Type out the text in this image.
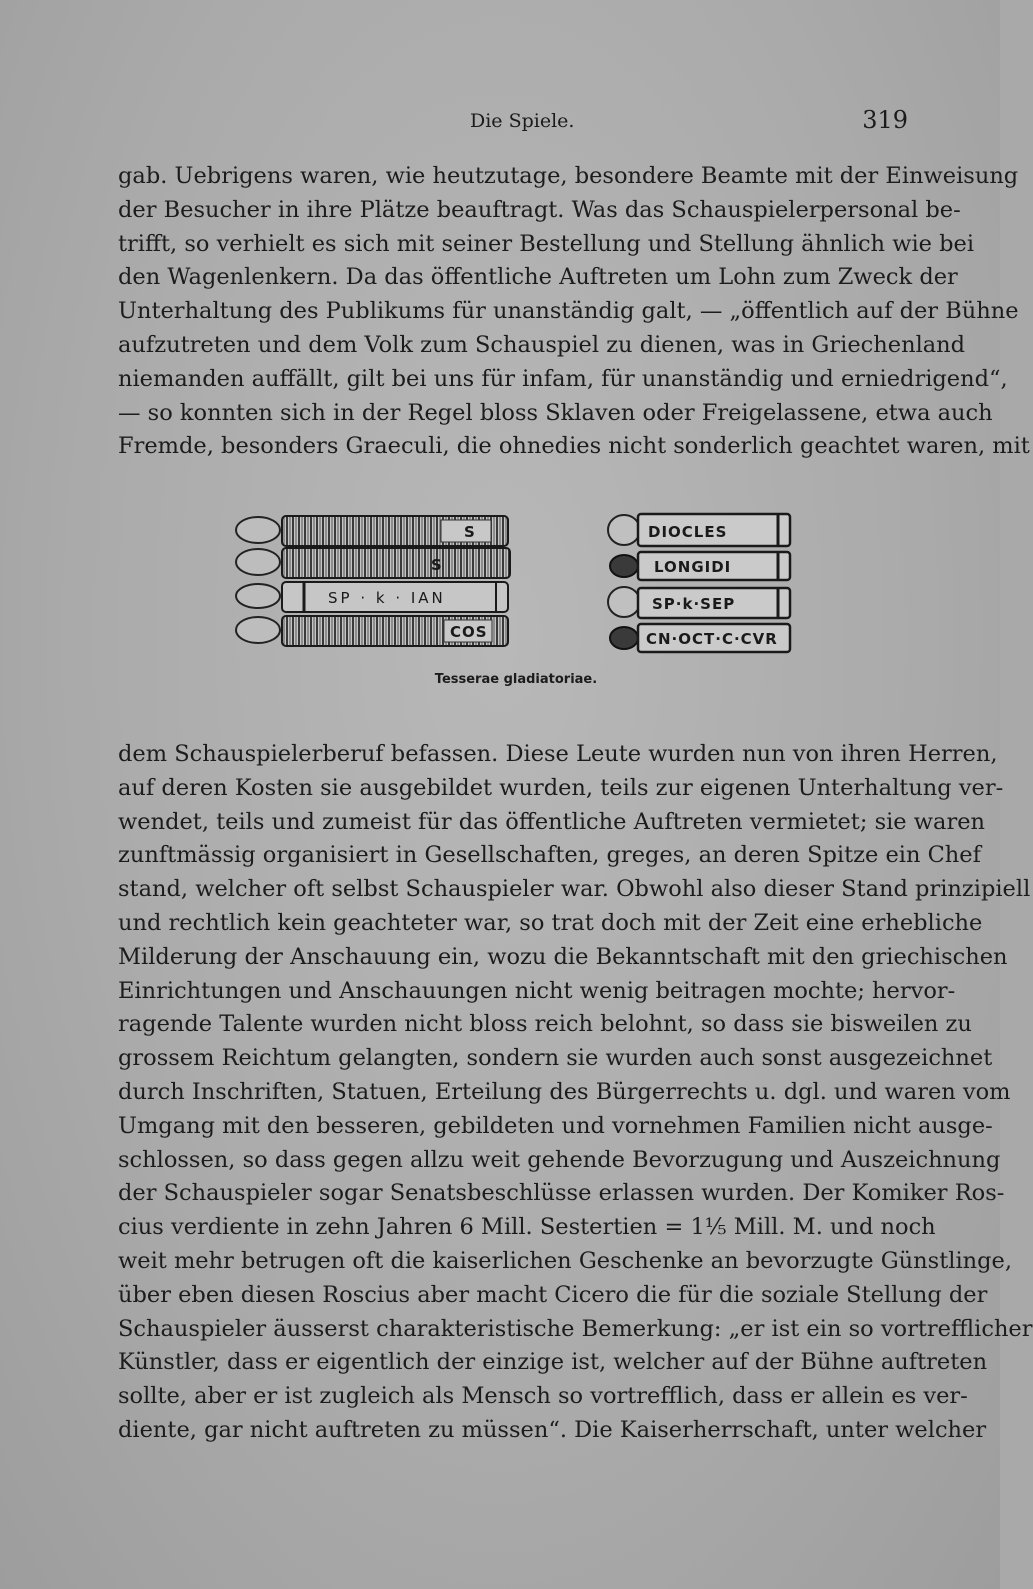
Die Spiele.	319
gab. Uebrigens waren, wie heutzutage, besondere Beamte mit der Einweisung
der Besucher in ihre Plätze beauftragt. Was das Schauspielerpersonal be-
trifft, so verhielt es sich mit seiner Bestellung und Stellung ähnlich wie bei
den Wagenlenkern. Da das öffentliche Auftreten um Lohn zum Zweck der
Unterhaltung des Publikums für unanständig galt, — „öffentlich auf der Bühne
aufzutreten und dem Volk zum Schauspiel zu dienen, was in Griechenland
niemanden auffällt, gilt bei uns für infam, für unanständig und erniedrigend“,
— so konnten sich in der Regel bloss Sklaven oder Freigelassene, etwa auch
Fremde, besonders Graeculi, die ohnedies nicht sonderlich geachtet waren, mit
S
S
SP · k · IAN
COS
DIOCLES
LONGIDI
SP·k·SEP
CN·OCT·C·CVR
Tesserae gladiatoriae.
dem Schauspielerberuf befassen. Diese Leute wurden nun von ihren Herren,
auf deren Kosten sie ausgebildet wurden, teils zur eigenen Unterhaltung ver-
wendet, teils und zumeist für das öffentliche Auftreten vermietet; sie waren
zunftmässig organisiert in Gesellschaften, greges, an deren Spitze ein Chef
stand, welcher oft selbst Schauspieler war. Obwohl also dieser Stand prinzipiell
und rechtlich kein geachteter war, so trat doch mit der Zeit eine erhebliche
Milderung der Anschauung ein, wozu die Bekanntschaft mit den griechischen
Einrichtungen und Anschauungen nicht wenig beitragen mochte; hervor-
ragende Talente wurden nicht bloss reich belohnt, so dass sie bisweilen zu
grossem Reichtum gelangten, sondern sie wurden auch sonst ausgezeichnet
durch Inschriften, Statuen, Erteilung des Bürgerrechts u. dgl. und waren vom
Umgang mit den besseren, gebildeten und vornehmen Familien nicht ausge-
schlossen, so dass gegen allzu weit gehende Bevorzugung und Auszeichnung
der Schauspieler sogar Senatsbeschlüsse erlassen wurden. Der Komiker Ros-
cius verdiente in zehn Jahren 6 Mill. Sestertien = 1⅕ Mill. M. und noch
weit mehr betrugen oft die kaiserlichen Geschenke an bevorzugte Günstlinge,
über eben diesen Roscius aber macht Cicero die für die soziale Stellung der
Schauspieler äusserst charakteristische Bemerkung: „er ist ein so vortrefflicher
Künstler, dass er eigentlich der einzige ist, welcher auf der Bühne auftreten
sollte, aber er ist zugleich als Mensch so vortrefflich, dass er allein es ver-
diente, gar nicht auftreten zu müssen“. Die Kaiserherrschaft, unter welcher
